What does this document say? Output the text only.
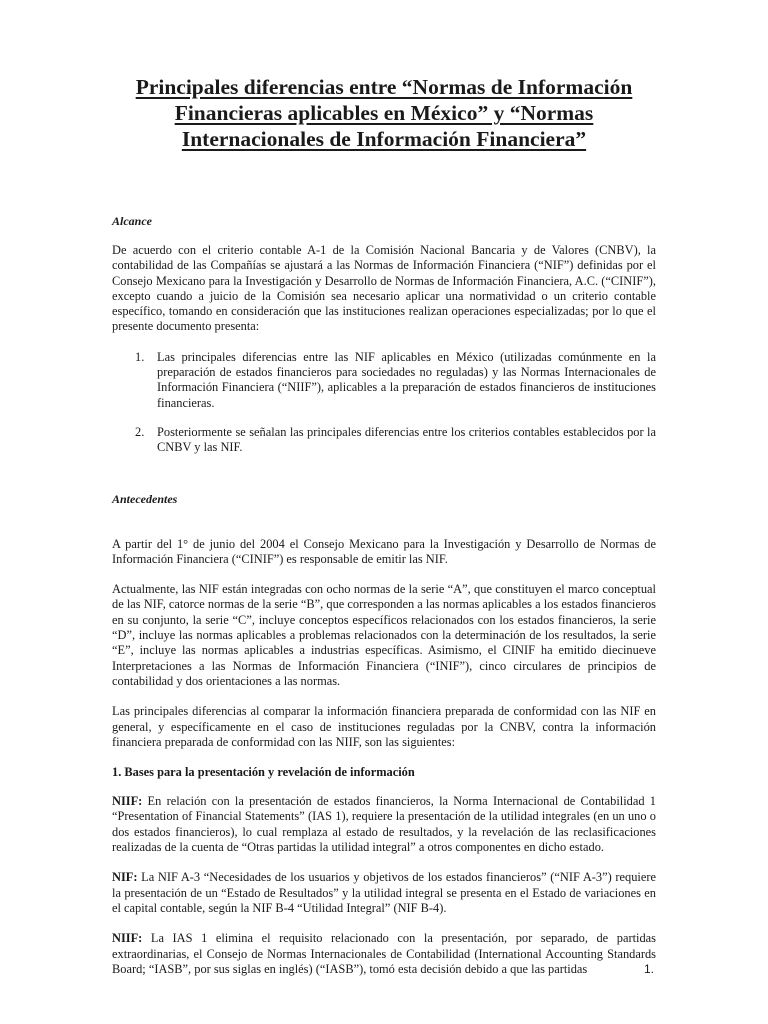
Principales diferencias entre “Normas de Información Financieras aplicables en México” y “Normas Internacionales de Información Financiera”
Alcance

De acuerdo con el criterio contable A-1 de la Comisión Nacional Bancaria y de Valores (CNBV), la contabilidad de las Compañías se ajustará a las Normas de Información Financiera (“NIF”) definidas por el Consejo Mexicano para la Investigación y Desarrollo de Normas de Información Financiera, A.C. (“CINIF”), excepto cuando a juicio de la Comisión sea necesario aplicar una normatividad o un criterio contable específico, tomando en consideración que las instituciones realizan operaciones especializadas; por lo que el presente documento presenta:

1. Las principales diferencias entre las NIF aplicables en México (utilizadas comúnmente en la preparación de estados financieros para sociedades no reguladas) y las Normas Internacionales de Información Financiera (“NIIF”), aplicables a la preparación de estados financieros de instituciones financieras.
2. Posteriormente se señalan las principales diferencias entre los criterios contables establecidos por la CNBV y las NIF.
Antecedentes

A partir del 1° de junio del 2004 el Consejo Mexicano para la Investigación y Desarrollo de Normas de Información Financiera (“CINIF”) es responsable de emitir las NIF.

Actualmente, las NIF están integradas con ocho normas de la serie “A”, que constituyen el marco conceptual de las NIF, catorce normas de la serie “B”, que corresponden a las normas aplicables a los estados financieros en su conjunto, la serie “C”, incluye conceptos específicos relacionados con los estados financieros, la serie “D”, incluye las normas aplicables a problemas relacionados con la determinación de los resultados, la serie “E”, incluye las normas aplicables a industrias específicas. Asimismo, el CINIF ha emitido diecinueve Interpretaciones a las Normas de Información Financiera (“INIF”), cinco circulares de principios de contabilidad y dos orientaciones a las normas.

Las principales diferencias al comparar la información financiera preparada de conformidad con las NIF en general, y específicamente en el caso de instituciones reguladas por la CNBV, contra la información financiera preparada de conformidad con las NIIF, son las siguientes:

1. Bases para la presentación y revelación de información

NIIF: En relación con la presentación de estados financieros, la Norma Internacional de Contabilidad 1 “Presentation of Financial Statements” (IAS 1), requiere la presentación de la utilidad integrales (en un uno o dos estados financieros), lo cual remplaza al estado de resultados, y la revelación de las reclasificaciones realizadas de la cuenta de “Otras partidas la utilidad integral” a otros componentes en dicho estado.

NIF: La NIF A-3 “Necesidades de los usuarios y objetivos de los estados financieros” (“NIF A-3”) requiere la presentación de un “Estado de Resultados” y la utilidad integral se presenta en el Estado de variaciones en el capital contable, según la NIF B-4 “Utilidad Integral” (NIF B-4).

NIIF: La IAS 1 elimina el requisito relacionado con la presentación, por separado, de partidas extraordinarias, el Consejo de Normas Internacionales de Contabilidad (International Accounting Standards Board; “IASB”, por sus siglas en inglés) (“IASB”), tomó esta decisión debido a que las partidas	1.
